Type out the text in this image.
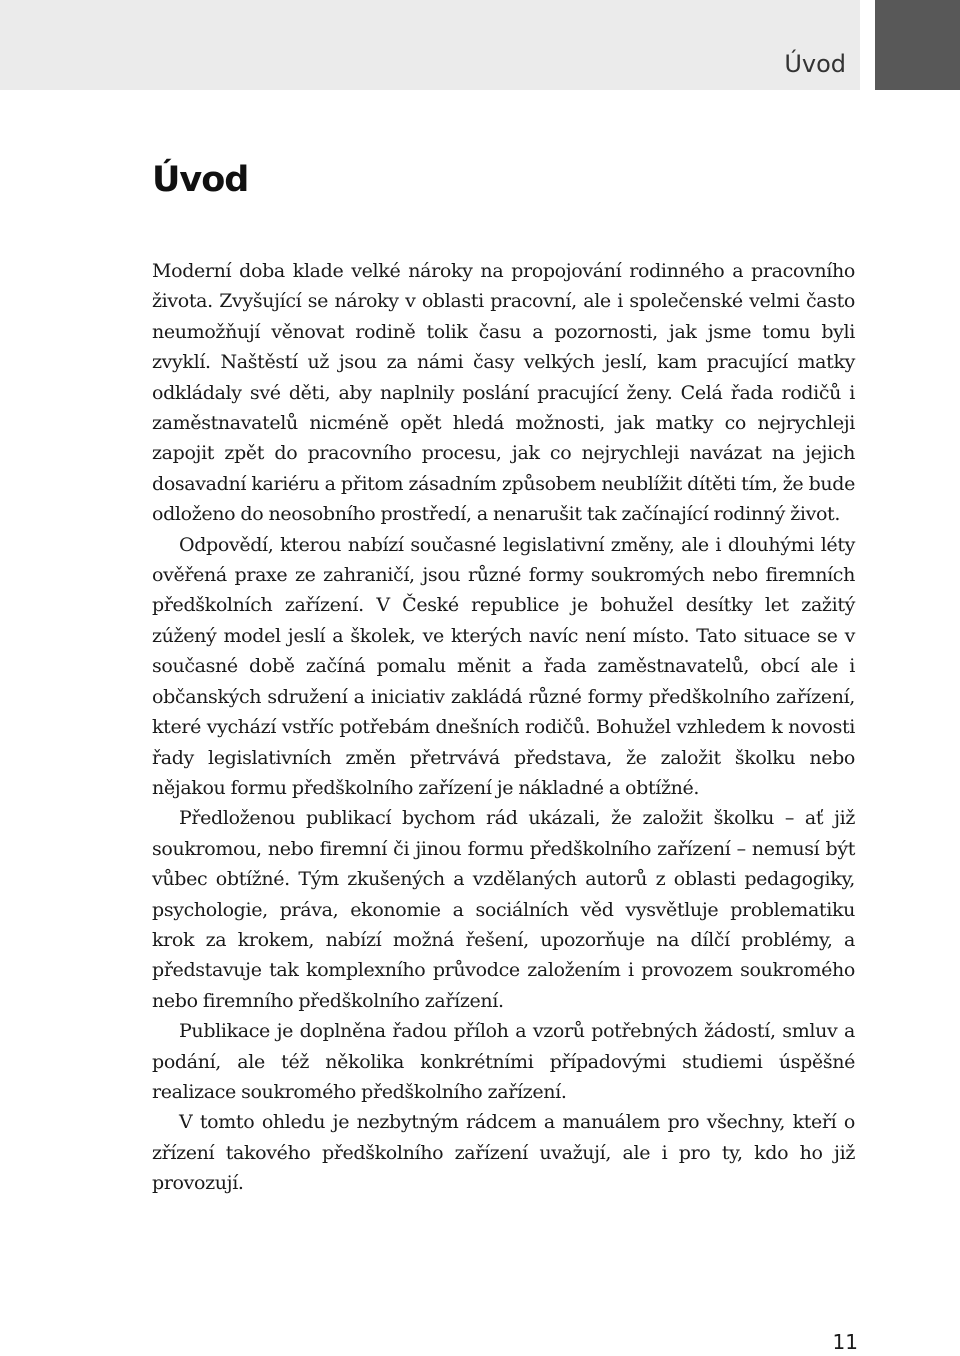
Úvod
Úvod

Moderní doba klade velké nároky na propojování rodinného a pracovního života. Zvyšující se nároky v oblasti pracovní, ale i společenské velmi často neumožňují věnovat rodině tolik času a pozornosti, jak jsme tomu byli zvyklí. Naštěstí už jsou za námi časy velkých jeslí, kam pracující matky odkládaly své děti, aby naplnily poslání pracující ženy. Celá řada rodičů i zaměstnavatelů nicméně opět hledá možnosti, jak matky co nejrychleji zapojit zpět do pracovního procesu, jak co nejrychleji navázat na jejich dosavadní kariéru a přitom zásadním způsobem neublížit dítěti tím, že bude odloženo do neosobního prostředí, a nenarušit tak začínající rodinný život.

Odpovědí, kterou nabízí současné legislativní změny, ale i dlouhými léty ověřená praxe ze zahraničí, jsou různé formy soukromých nebo firemních předškolních zařízení. V České republice je bohužel desítky let zažitý zúžený model jeslí a školek, ve kterých navíc není místo. Tato situace se v současné době začíná pomalu měnit a řada zaměstnavatelů, obcí ale i občanských sdružení a iniciativ zakládá různé formy předškolního zařízení, které vychází vstříc potřebám dnešních rodičů. Bohužel vzhledem k novosti řady legislativních změn přetrvává představa, že založit školku nebo nějakou formu předškolního zařízení je nákladné a obtížné.

Předloženou publikací bychom rád ukázali, že založit školku – ať již soukromou, nebo firemní či jinou formu předškolního zařízení – nemusí být vůbec obtížné. Tým zkušených a vzdělaných autorů z oblasti pedagogiky, psychologie, práva, ekonomie a sociálních věd vysvětluje problematiku krok za krokem, nabízí možná řešení, upozorňuje na dílčí problémy, a představuje tak komplexního průvodce založením i provozem soukromého nebo firemního předškolního zařízení.

Publikace je doplněna řadou příloh a vzorů potřebných žádostí, smluv a podání, ale též několika konkrétními případovými studiemi úspěšné realizace soukromého předškolního zařízení.

V tomto ohledu je nezbytným rádcem a manuálem pro všechny, kteří o zřízení takového předškolního zařízení uvažují, ale i pro ty, kdo ho již provozují.

11
